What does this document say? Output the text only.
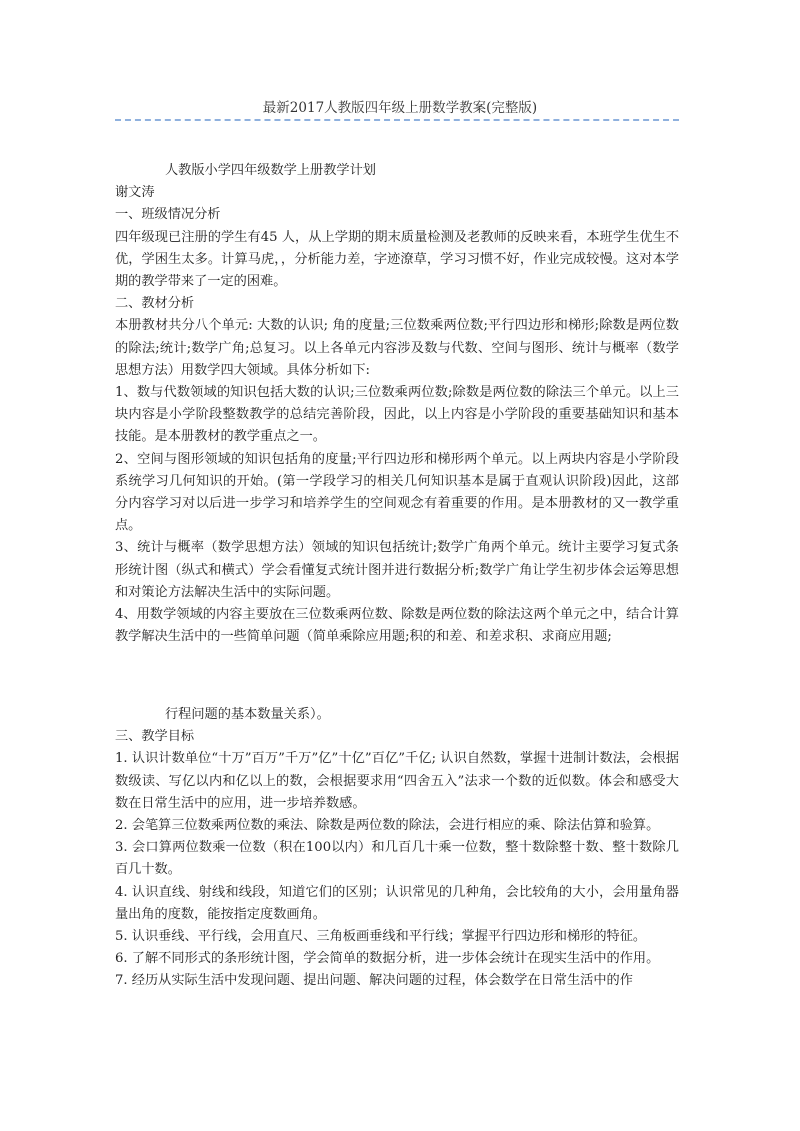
最新2017人教版四年级上册数学教案(完整版)

人教版小学四年级数学上册教学计划

谢文涛

一、班级情况分析

四年级现已注册的学生有45 人，从上学期的期末质量检测及老教师的反映来看，本班学生优生不优，学困生太多。计算马虎，，分析能力差，字迹潦草，学习习惯不好，作业完成较慢。这对本学期的教学带来了一定的困难。

二、教材分析

本册教材共分八个单元: 大数的认识; 角的度量;三位数乘两位数;平行四边形和梯形;除数是两位数的除法;统计;数学广角;总复习。以上各单元内容涉及数与代数、空间与图形、统计与概率（数学思想方法）用数学四大领域。具体分析如下:

1、数与代数领域的知识包括大数的认识;三位数乘两位数;除数是两位数的除法三个单元。以上三块内容是小学阶段整数教学的总结完善阶段，因此，以上内容是小学阶段的重要基础知识和基本技能。是本册教材的教学重点之一。

2、空间与图形领域的知识包括角的度量;平行四边形和梯形两个单元。以上两块内容是小学阶段系统学习几何知识的开始。(第一学段学习的相关几何知识基本是属于直观认识阶段)因此，这部分内容学习对以后进一步学习和培养学生的空间观念有着重要的作用。是本册教材的又一教学重点。

3、统计与概率（数学思想方法）领域的知识包括统计;数学广角两个单元。统计主要学习复式条形统计图（纵式和横式）学会看懂复式统计图并进行数据分析;数学广角让学生初步体会运筹思想和对策论方法解决生活中的实际问题。

4、用数学领域的内容主要放在三位数乘两位数、除数是两位数的除法这两个单元之中，结合计算教学解决生活中的一些简单问题（简单乘除应用题;积的和差、和差求积、求商应用题;

行程问题的基本数量关系）。

三、教学目标

1. 认识计数单位“十万”百万”千万”亿”十亿”百亿”千亿; 认识自然数，掌握十进制计数法，会根据数级读、写亿以内和亿以上的数，会根据要求用“四舍五入”法求一个数的近似数。体会和感受大数在日常生活中的应用，进一步培养数感。

2. 会笔算三位数乘两位数的乘法、除数是两位数的除法，会进行相应的乘、除法估算和验算。

3. 会口算两位数乘一位数（积在100以内）和几百几十乘一位数，整十数除整十数、整十数除几百几十数。

4. 认识直线、射线和线段，知道它们的区别；认识常见的几种角，会比较角的大小，会用量角器量出角的度数，能按指定度数画角。

5. 认识垂线、平行线，会用直尺、三角板画垂线和平行线；掌握平行四边形和梯形的特征。

6. 了解不同形式的条形统计图，学会简单的数据分析，进一步体会统计在现实生活中的作用。

7. 经历从实际生活中发现问题、提出问题、解决问题的过程，体会数学在日常生活中的作
